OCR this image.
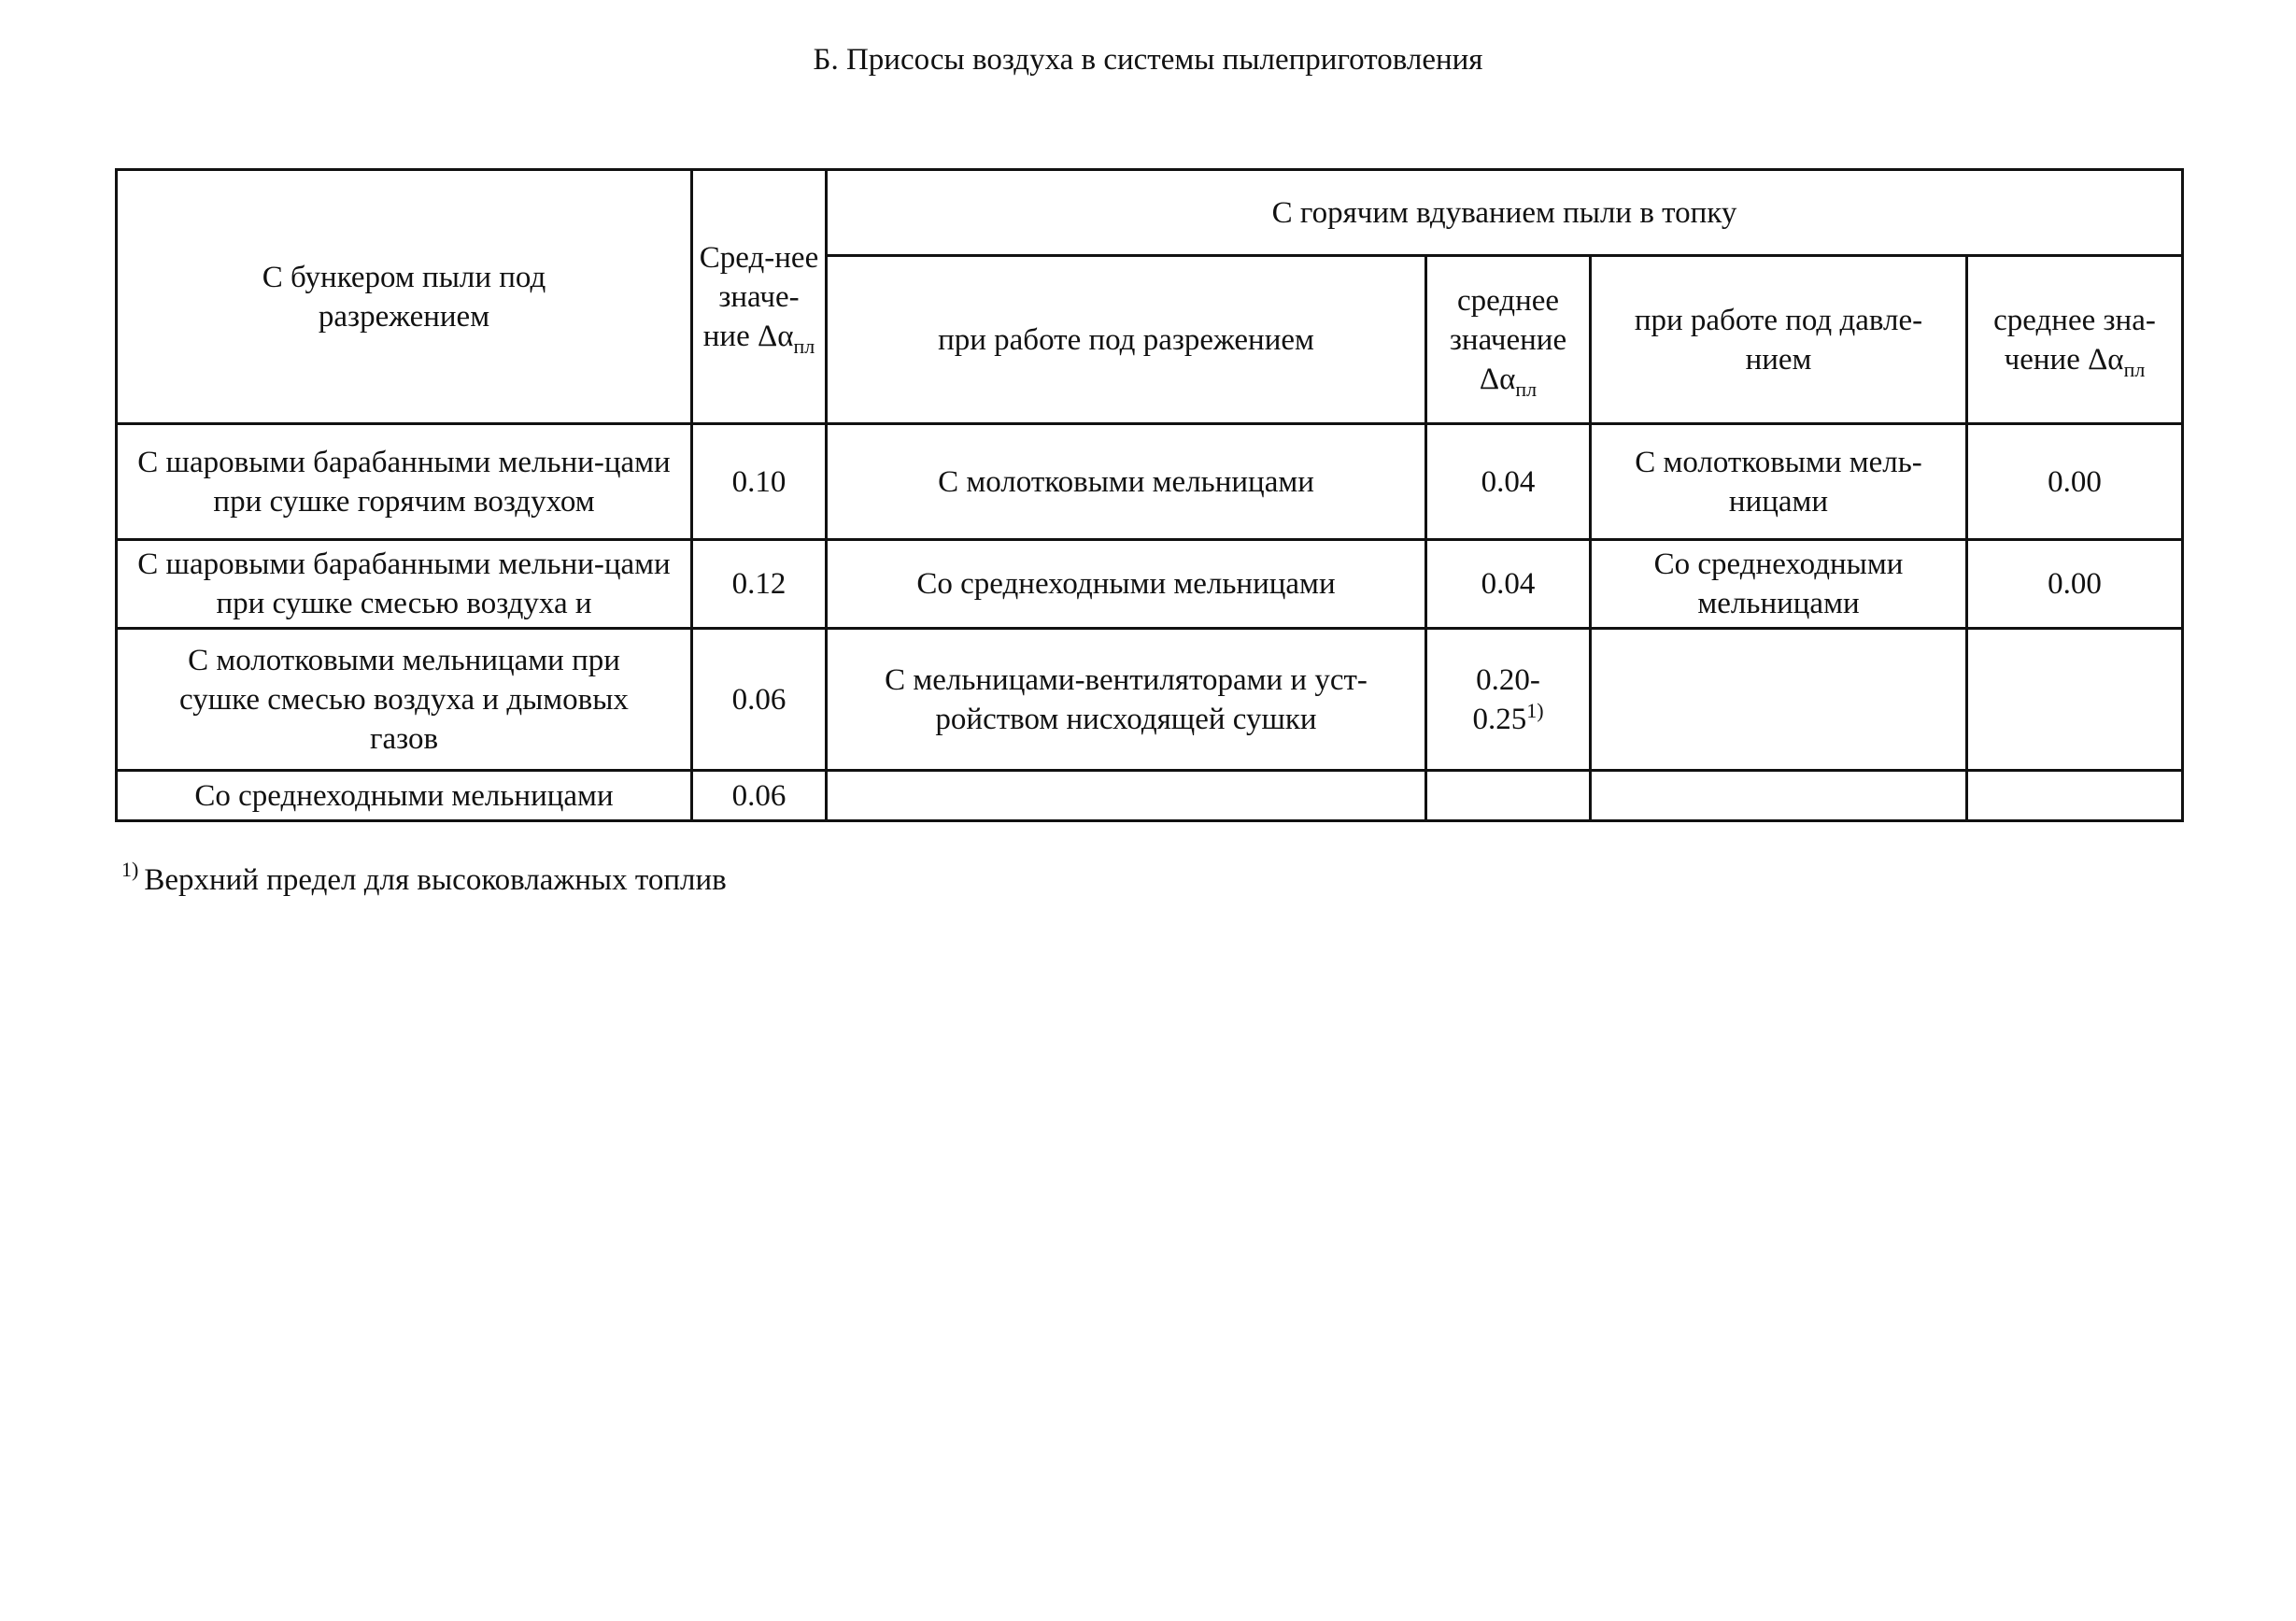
Б. Присосы воздуха в системы пылеприготовления
С бункером пыли под разрежением	Сред-нее значе-ние $\Delta\alpha_{пл}$	С горячим вдуванием пыли в топку			
		при работе под разрежением	среднее значение $\Delta\alpha_{пл}$	при работе под давле-нием	среднее зна-чение $\Delta\alpha_{пл}$
С шаровыми барабанными мельни-цами при сушке горячим воздухом	0.10	С молотковыми мельницами	0.04	С молотковыми мель-ницами	0.00
С шаровыми барабанными мельни-цами при сушке смесью воздуха и	0.12	Со среднеходными мельницами	0.04	Со среднеходными мельницами	0.00
С молотковыми мельницами при сушке смесью воздуха и дымовых газов	0.06	С мельницами-вентиляторами и уст-ройством нисходящей сушки	0.20-0.25$^{1)}$		
Со среднеходными мельницами	0.06				
$^{1)}$ Верхний предел для высоковлажных топлив
